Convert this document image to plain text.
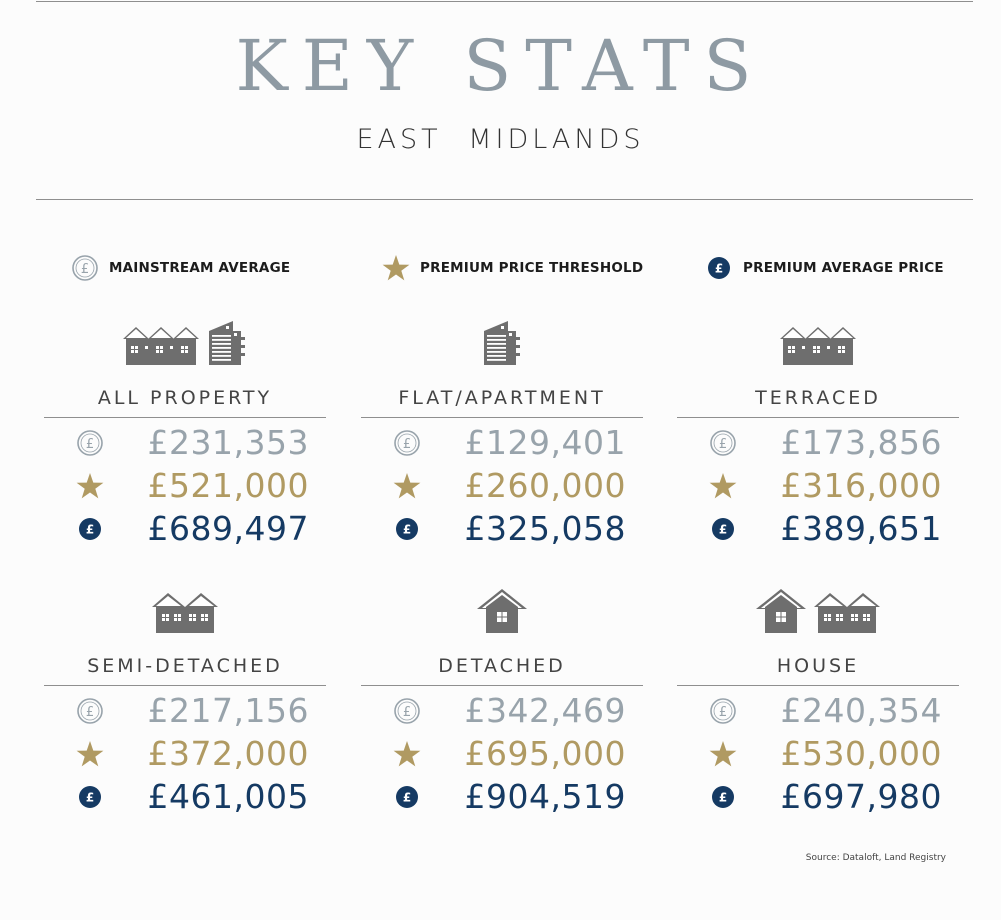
KEY STATS
EAST MIDLANDS
£ MAINSTREAM AVERAGE	PREMIUM PRICE THRESHOLD	£ PREMIUM AVERAGE PRICE
ALL PROPERTY
£ £231,353
£521,000
£ £689,497
FLAT/APARTMENT
£ £129,401
£260,000
£ £325,058
TERRACED
£ £173,856
£316,000
£ £389,651
SEMI-DETACHED
£ £217,156
£372,000
£ £461,005
DETACHED
£ £342,469
£695,000
£ £904,519
HOUSE
£ £240,354
£530,000
£ £697,980
Source: Dataloft, Land Registry
